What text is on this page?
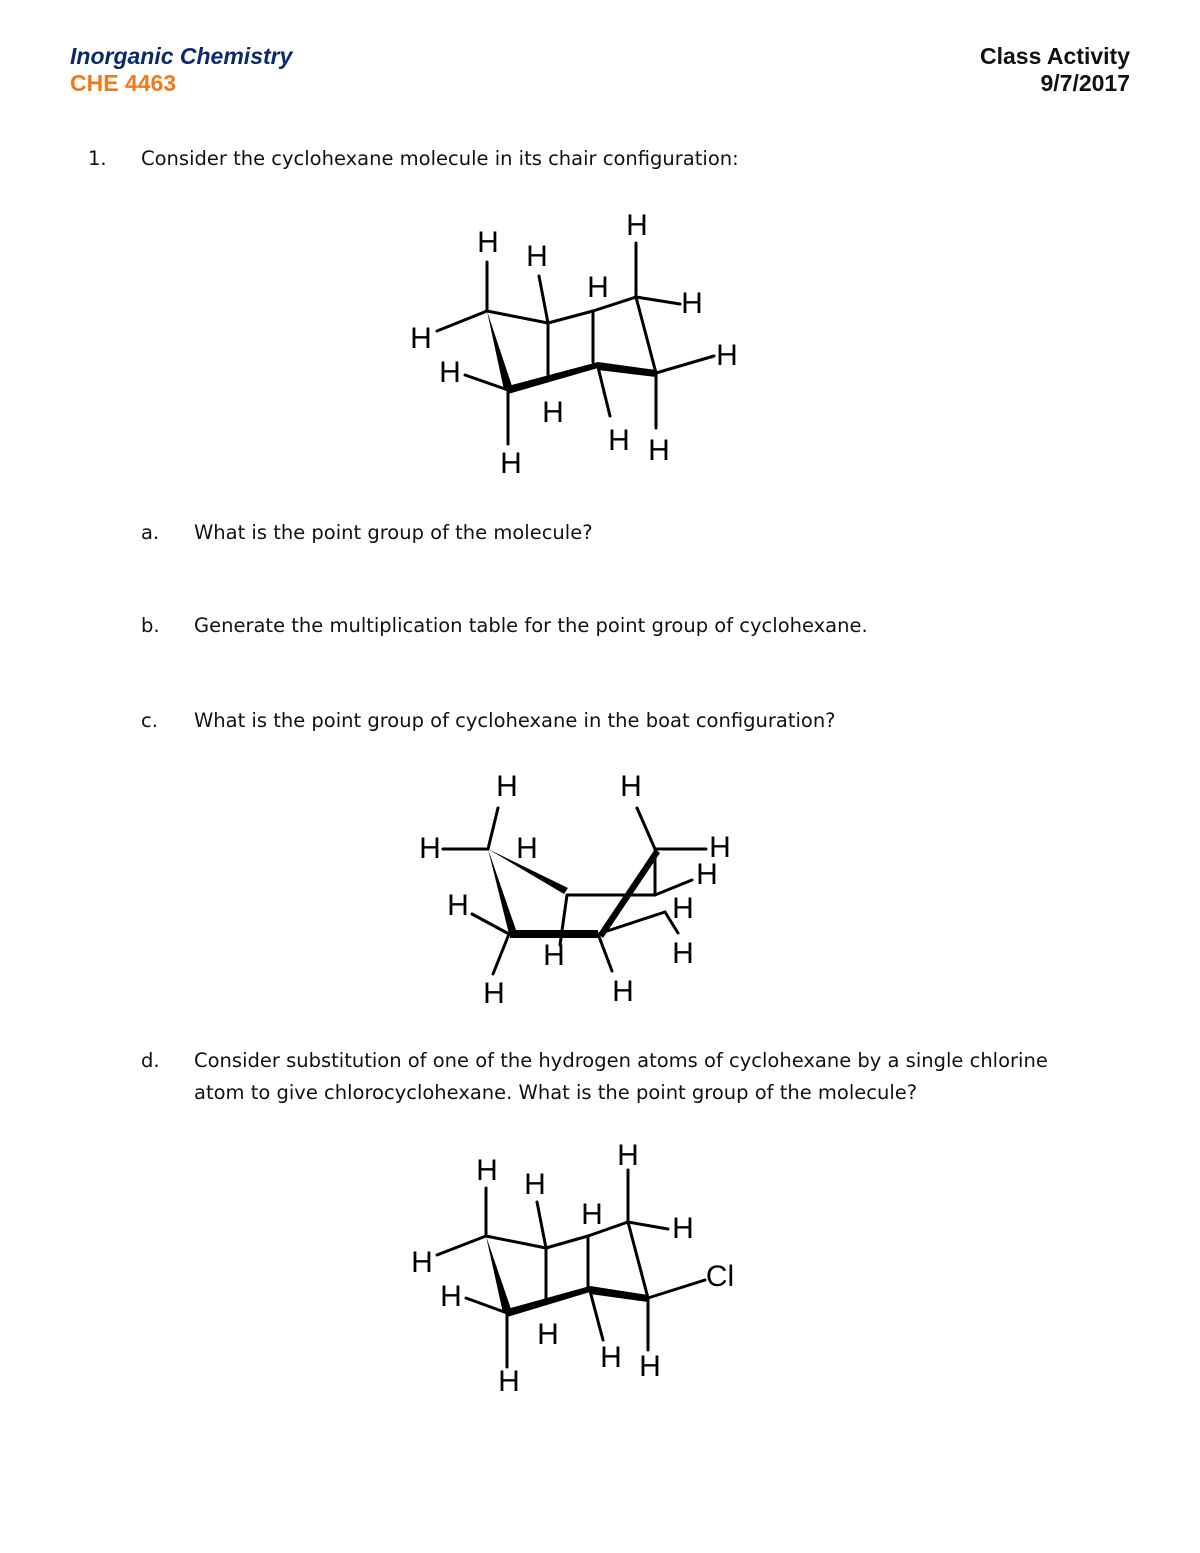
Inorganic Chemistry
CHE 4463
Class Activity
9/7/2017
1. Consider the cyclohexane molecule in its chair configuration:
H H
H
H H
H
H
H
H
H H
H
a. What is the point group of the molecule?
b. Generate the multiplication table for the point group of cyclohexane.
c. What is the point group of cyclohexane in the boat configuration?
H	H
H	H	H
H
H	H
H	H
H	H
d. Consider substitution of one of the hydrogen atoms of cyclohexane by a single chlorine atom to give chlorocyclohexane. What is the point group of the molecule?
H H
H
H H
H	Cl
H
H
H H
H
